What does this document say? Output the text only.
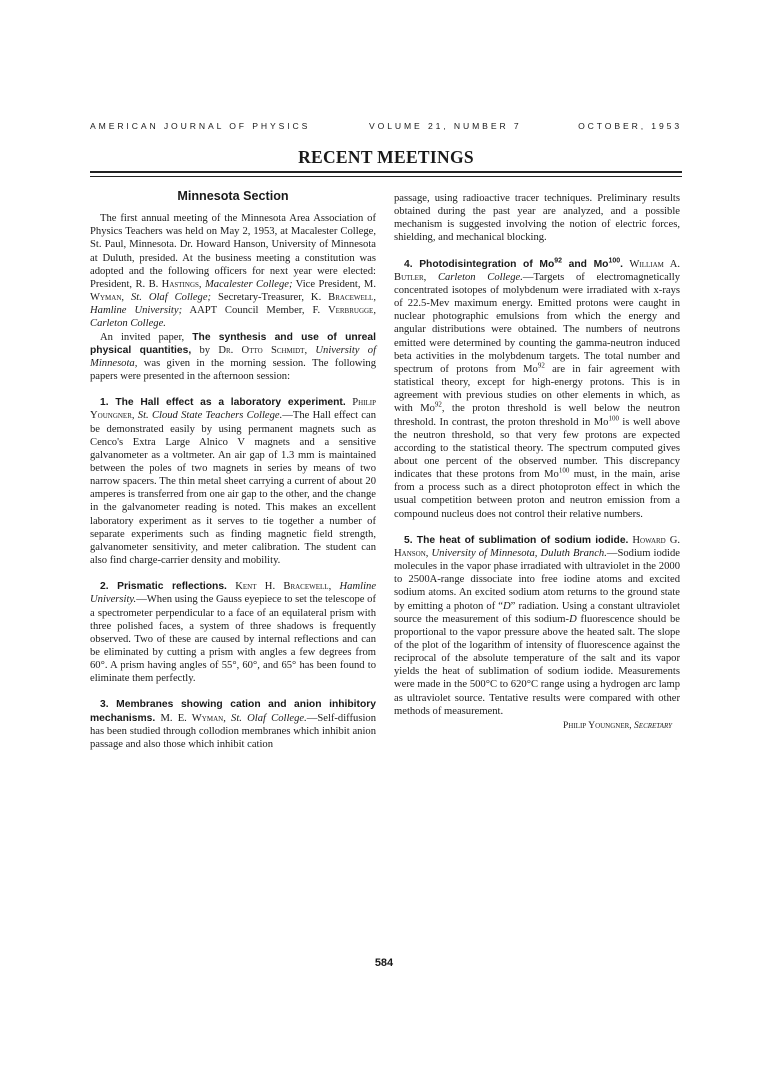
AMERICAN JOURNAL OF PHYSICS	VOLUME 21, NUMBER 7	OCTOBER, 1953
RECENT MEETINGS
Minnesota Section

The first annual meeting of the Minnesota Area Association of Physics Teachers was held on May 2, 1953, at Macalester College, St. Paul, Minnesota. Dr. Howard Hanson, University of Minnesota at Duluth, presided. At the business meeting a constitution was adopted and the following officers for next year were elected: President, R. B. Hastings, Macalester College; Vice President, M. Wyman, St. Olaf College; Secretary-Treasurer, K. Bracewell, Hamline University; AAPT Council Member, F. Verbrugge, Carleton College.

An invited paper, The synthesis and use of unreal physical quantities, by Dr. Otto Schmidt, University of Minnesota, was given in the morning session. The following papers were presented in the afternoon session:

1. The Hall effect as a laboratory experiment. Philip Youngner, St. Cloud State Teachers College.—The Hall effect can be demonstrated easily by using permanent magnets such as Cenco's Extra Large Alnico V magnets and a sensitive galvanometer as a voltmeter. An air gap of 1.3 mm is maintained between the poles of two magnets in series by means of two narrow spacers. The thin metal sheet carrying a current of about 20 amperes is transferred from one air gap to the other, and the change in the galvanometer reading is noted. This makes an excellent laboratory experiment as it serves to tie together a number of separate experiments such as finding magnetic field strength, galvanometer sensitivity, and meter calibration. The student can also find charge-carrier density and mobility.

2. Prismatic reflections. Kent H. Bracewell, Hamline University.—When using the Gauss eyepiece to set the telescope of a spectrometer perpendicular to a face of an equilateral prism with three polished faces, a system of three shadows is frequently observed. Two of these are caused by internal reflections and can be eliminated by cutting a prism with angles a few degrees from 60°. A prism having angles of 55°, 60°, and 65° has been found to eliminate them perfectly.

3. Membranes showing cation and anion inhibitory mechanisms. M. E. Wyman, St. Olaf College.—Self-diffusion has been studied through collodion membranes which inhibit anion passage and also those which inhibit cation

passage, using radioactive tracer techniques. Preliminary results obtained during the past year are analyzed, and a possible mechanism is suggested involving the notion of electric forces, shielding, and mechanical blocking.

4. Photodisintegration of Mo$^{92}$ and Mo$^{100}$. William A. Butler, Carleton College.—Targets of electromagnetically concentrated isotopes of molybdenum were irradiated with x-rays of 22.5-Mev maximum energy. Emitted protons were caught in nuclear photographic emulsions from which the energy and angular distributions were obtained. The numbers of neutrons emitted were determined by counting the gamma-neutron induced beta activities in the molybdenum targets. The total number and spectrum of protons from Mo$^{92}$ are in fair agreement with statistical theory, except for high-energy protons. This is in agreement with previous studies on other elements in which, as with Mo$^{92}$, the proton threshold is well below the neutron threshold. In contrast, the proton threshold in Mo$^{100}$ is well above the neutron threshold, so that very few protons are expected according to the statistical theory. The spectrum computed gives about one percent of the observed number. This discrepancy indicates that these protons from Mo$^{100}$ must, in the main, arise from a process such as a direct photoproton effect in which the usual competition between proton and neutron emission from a compound nucleus does not control their relative numbers.

5. The heat of sublimation of sodium iodide. Howard G. Hanson, University of Minnesota, Duluth Branch.—Sodium iodide molecules in the vapor phase irradiated with ultraviolet in the 2000 to 2500A-range dissociate into free iodine atoms and excited sodium atoms. An excited sodium atom returns to the ground state by emitting a photon of “D” radiation. Using a constant ultraviolet source the measurement of this sodium-D fluorescence should be proportional to the vapor pressure above the heated salt. The slope of the plot of the logarithm of intensity of fluorescence against the reciprocal of the absolute temperature of the salt and its vapor yields the heat of sublimation of sodium iodide. Measurements were made in the 500°C to 620°C range using a hydrogen arc lamp as ultraviolet source. Tentative results were compared with other methods of measurement.

Philip Youngner, Secretary
584
